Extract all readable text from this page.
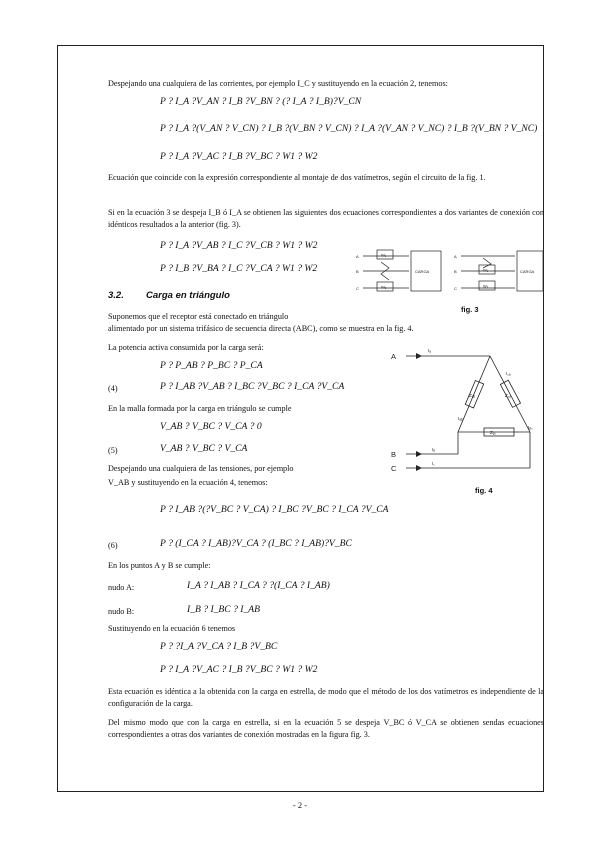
Despejando una cualquiera de las corrientes, por ejemplo I_C y sustituyendo en la ecuación 2, tenemos:
P ? I_A ?V_AN ? I_B ?V_BN ? (? I_A ? I_B)?V_CN
P ? I_A ?(V_AN ? V_CN) ? I_B ?(V_BN ? V_CN) ? I_A ?(V_AN ? V_NC) ? I_B ?(V_BN ? V_NC)
P ? I_A ?V_AC ? I_B ?V_BC ? W1 ? W2
Ecuación que coincide con la expresión correspondiente al montaje de dos vatímetros, según el circuito de la fig. 1.
Si en la ecuación 3 se despeja I_B ó I_A se obtienen las siguientes dos ecuaciones correspondientes a dos variantes de conexión con idénticos resultados a la anterior (fig. 3).
P ? I_A ?V_AB ? I_C ?V_CB ? W1 ? W2
P ? I_B ?V_BA ? I_C ?V_CA ? W1 ? W2
3.2. Carga en triángulo
A
B
C
W₁
W₂
CARGA
A
B
C
W₁
W₂
CARGA
fig. 3
Suponemos que el receptor está conectado en triángulo
alimentado por un sistema trifásico de secuencia directa (ABC), como se muestra en la fig. 4.
La potencia activa consumida por la carga será:
P ? P_AB ? P_BC ? P_CA
(4)	P ? I_AB ?V_AB ? I_BC ?V_BC ? I_CA ?V_CA
En la malla formada por la carga en triángulo se cumple
V_AB ? V_BC ? V_CA ? 0
(5)	V_AB ? V_BC ? V_CA
Despejando una cualquiera de las tensiones, por ejemplo
V_AB y sustituyendo en la ecuación 4, tenemos:
A
B
C
Iₐ
Iᵦ
I꜀
Iₐᵦ
Iᵦ꜀
I꜀ₐ
Zₐᵦ
Zᵦ꜀
Z꜀ₐ
fig. 4
P ? I_AB ?(?V_BC ? V_CA) ? I_BC ?V_BC ? I_CA ?V_CA
(6)	P ? (I_CA ? I_AB)?V_CA ? (I_BC ? I_AB)?V_BC
En los puntos A y B se cumple:
nudo A:	I_A ? I_AB ? I_CA ? ?(I_CA ? I_AB)
nudo B:	I_B ? I_BC ? I_AB
Sustituyendo en la ecuación 6 tenemos
P ? ?I_A ?V_CA ? I_B ?V_BC
P ? I_A ?V_AC ? I_B ?V_BC ? W1 ? W2
Esta ecuación es idéntica a la obtenida con la carga en estrella, de modo que el método de los dos vatímetros es independiente de la configuración de la carga.
Del mismo modo que con la carga en estrella, si en la ecuación 5 se despeja V_BC ó V_CA se obtienen sendas ecuaciones correspondientes a otras dos variantes de conexión mostradas en la figura fig. 3.
- 2 -
